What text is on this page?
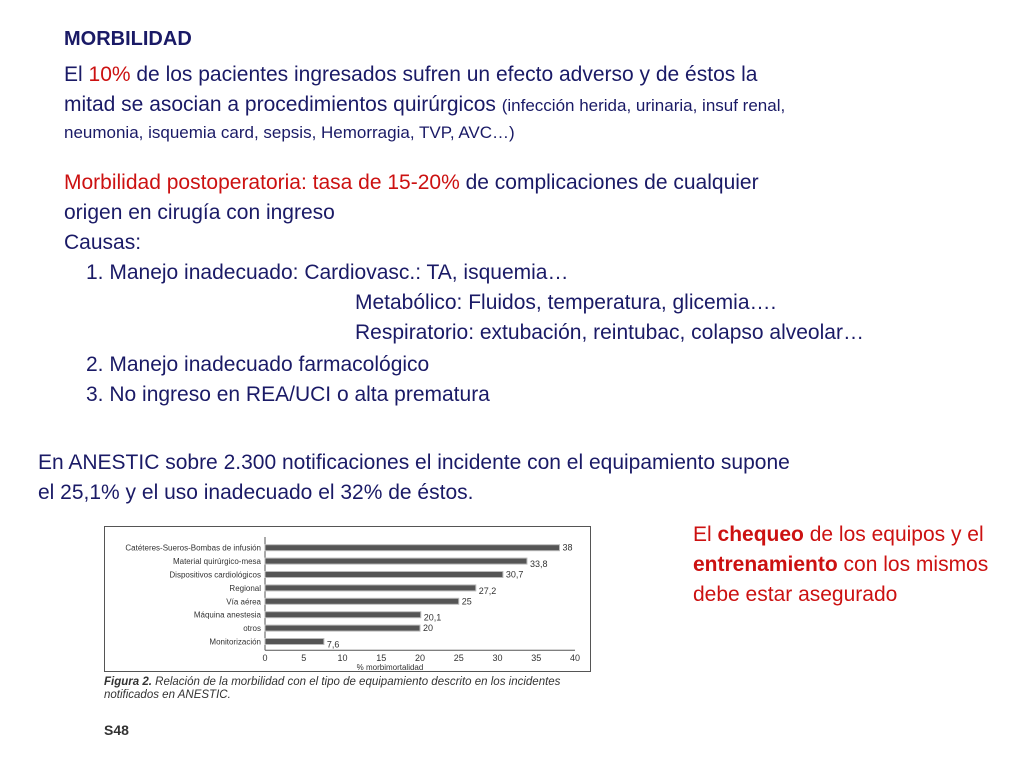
MORBILIDAD
El 10% de los pacientes ingresados sufren un efecto adverso y de éstos la
mitad se asocian a procedimientos quirúrgicos (infección herida, urinaria, insuf renal,
neumonia, isquemia card, sepsis, Hemorragia, TVP, AVC…)
Morbilidad postoperatoria: tasa de 15-20% de complicaciones de cualquier
origen en cirugía con ingreso
Causas:
1. Manejo inadecuado: Cardiovasc.: TA, isquemia…
Metabólico: Fluidos, temperatura, glicemia….
Respiratorio: extubación, reintubac, colapso alveolar…
2. Manejo inadecuado farmacológico
3. No ingreso en REA/UCI o alta prematura
En ANESTIC sobre 2.300 notificaciones el incidente con el equipamiento supone
el 25,1% y el uso inadecuado el 32% de éstos.
El chequeo de los equipos y el entrenamiento con los mismos debe estar asegurado
Catéteres-Sueros-Bombas de infusión	38
Material quirúrgico-mesa	33,8
Dispositivos cardiológicos	30,7
Regional	27,2
Vía aérea	25
Máquina anestesia	20,1
otros	20
Monitorización	7,6
0	5	10	15	20	25	30	35	40
% morbimortalidad
Figura 2. Relación de la morbilidad con el tipo de equipamiento descrito en los incidentes notificados en ANESTIC.
S48
